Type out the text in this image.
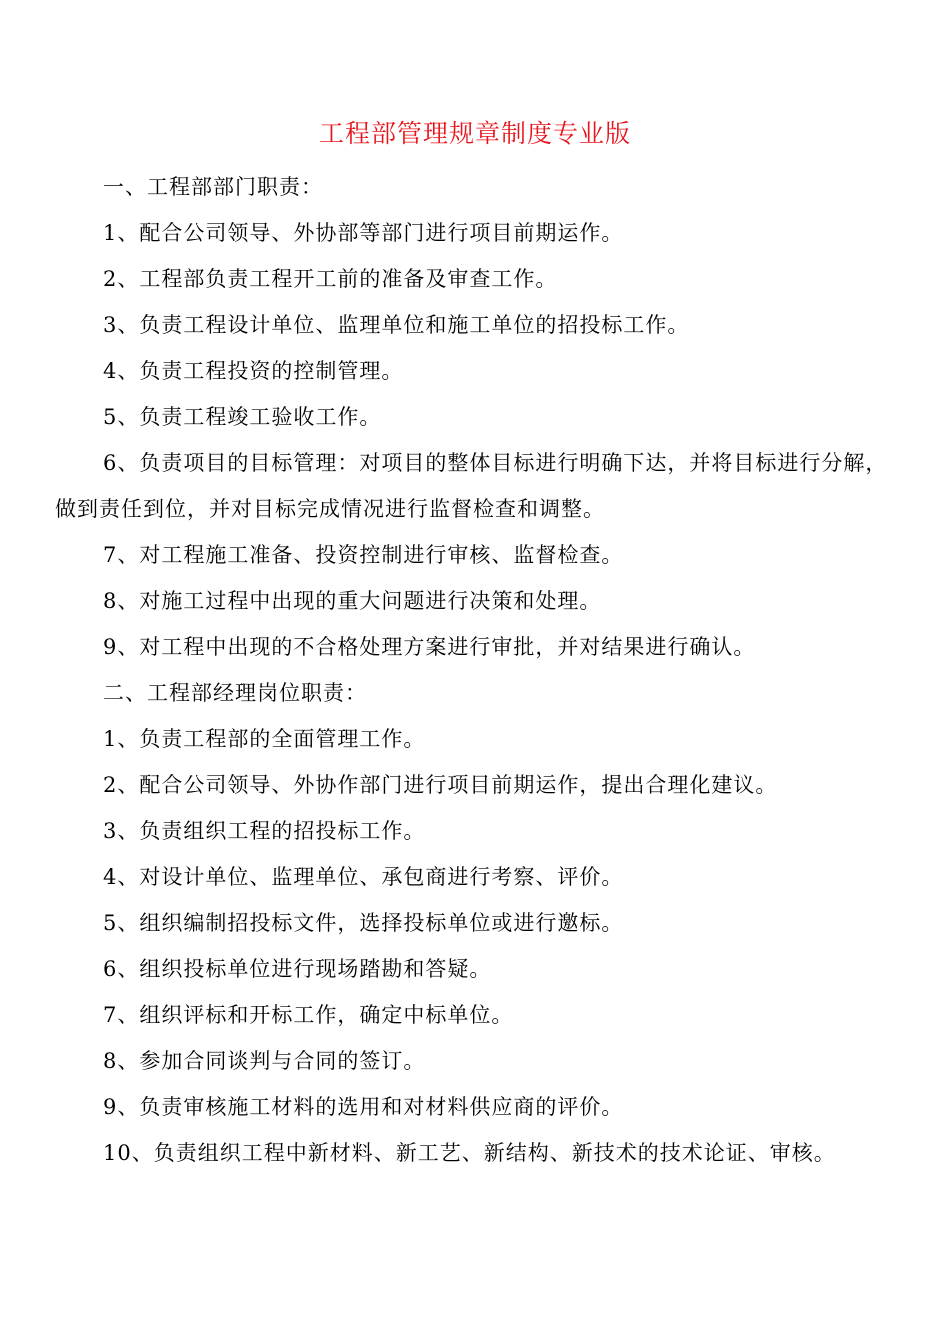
工程部管理规章制度专业版

一、工程部部门职责：

1、配合公司领导、外协部等部门进行项目前期运作。

2、工程部负责工程开工前的准备及审查工作。

3、负责工程设计单位、监理单位和施工单位的招投标工作。

4、负责工程投资的控制管理。

5、负责工程竣工验收工作。

6、负责项目的目标管理：对项目的整体目标进行明确下达，并将目标进行分解，做到责任到位，并对目标完成情况进行监督检查和调整。

7、对工程施工准备、投资控制进行审核、监督检查。

8、对施工过程中出现的重大问题进行决策和处理。

9、对工程中出现的不合格处理方案进行审批，并对结果进行确认。

二、工程部经理岗位职责：

1、负责工程部的全面管理工作。

2、配合公司领导、外协作部门进行项目前期运作，提出合理化建议。

3、负责组织工程的招投标工作。

4、对设计单位、监理单位、承包商进行考察、评价。

5、组织编制招投标文件，选择投标单位或进行邀标。

6、组织投标单位进行现场踏勘和答疑。

7、组织评标和开标工作，确定中标单位。

8、参加合同谈判与合同的签订。

9、负责审核施工材料的选用和对材料供应商的评价。

10、负责组织工程中新材料、新工艺、新结构、新技术的技术论证、审核。
